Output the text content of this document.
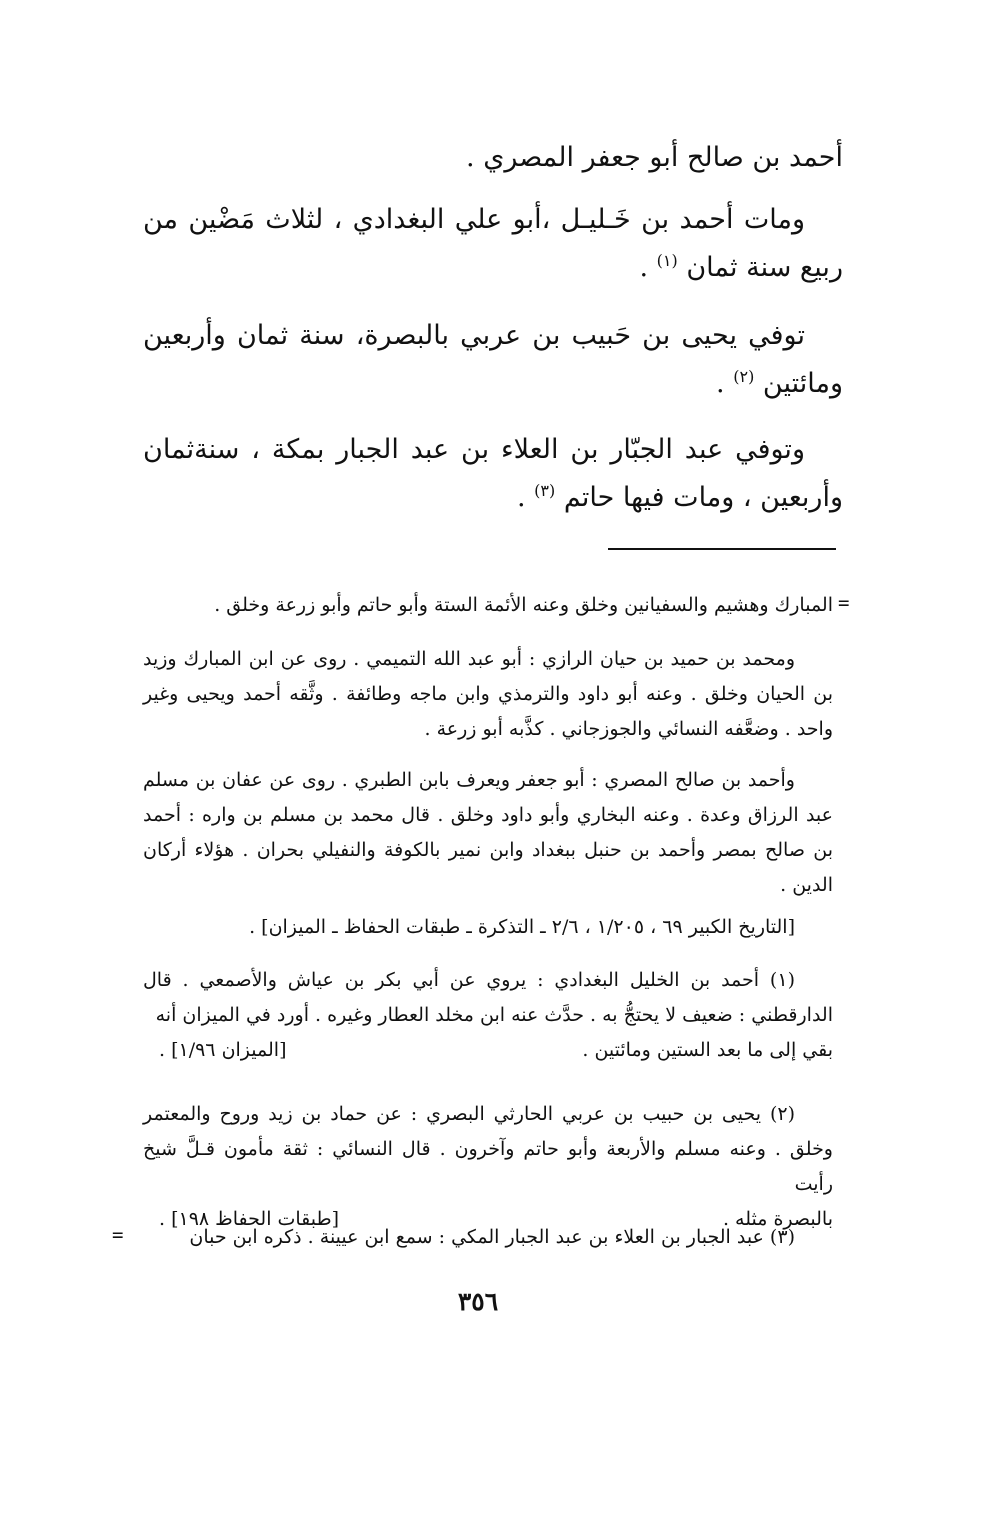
أحمد بن صالح أبو جعفر المصري .

ومات أحمد بن خَـليـل ،أبو علي البغدادي ، لثلاث مَضْين من ربيع سنة ثمان $^{(١)}$ .

توفي يحيى بن حَبيب بن عربي بالبصرة، سنة ثمان وأربعين ومائتين $^{(٢)}$ .

وتوفي عبد الجبّار بن العلاء بن عبد الجبار بمكة ، سنةثمان وأربعين ، ومات فيها حاتم $^{(٣)}$ .

=

المبارك وهشيم والسفيانين وخلق وعنه الأئمة الستة وأبو حاتم وأبو زرعة وخلق .

ومحمد بن حميد بن حيان الرازي : أبو عبد الله التميمي . روى عن ابن المبارك وزيد بن الحيان وخلق . وعنه أبو داود والترمذي وابن ماجه وطائفة . وثَّقه أحمد ويحيى وغير واحد . وضعَّفه النسائي والجوزجاني . كذَّبه أبو زرعة .

وأحمد بن صالح المصري : أبو جعفر ويعرف بابن الطبري . روى عن عفان بن مسلم عبد الرزاق وعدة . وعنه البخاري وأبو داود وخلق . قال محمد بن مسلم بن واره : أحمد بن صالح بمصر وأحمد بن حنبل ببغداد وابن نمير بالكوفة والنفيلي بحران . هؤلاء أركان الدين .

[التاريخ الكبير ٦٩ ، ١/٢٠٥ ، ٢/٦ ـ التذكرة ـ طبقات الحفاظ ـ الميزان] .

(١) أحمد بن الخليل البغدادي : يروي عن أبي بكر بن عياش والأصمعي . قال الدارقطني : ضعيف لا يحتجُّ به . حدَّث عنه ابن مخلد العطار وغيره . أورد في الميزان أنه

بقي إلى ما بعد الستين ومائتين .
[الميزان ١/٩٦] .

(٢) يحيى بن حبيب بن عربي الحارثي البصري : عن حماد بن زيد وروح والمعتمر وخلق . وعنه مسلم والأربعة وأبو حاتم وآخرون . قال النسائي : ثقة مأمون قـلَّ شيخ رأيت

بالبصرة مثله .
[طبقات الحفاظ ١٩٨] .

(٣) عبد الجبار بن العلاء بن عبد الجبار المكي : سمع ابن عيينة . ذكره ابن حبان

=
٣٥٦
